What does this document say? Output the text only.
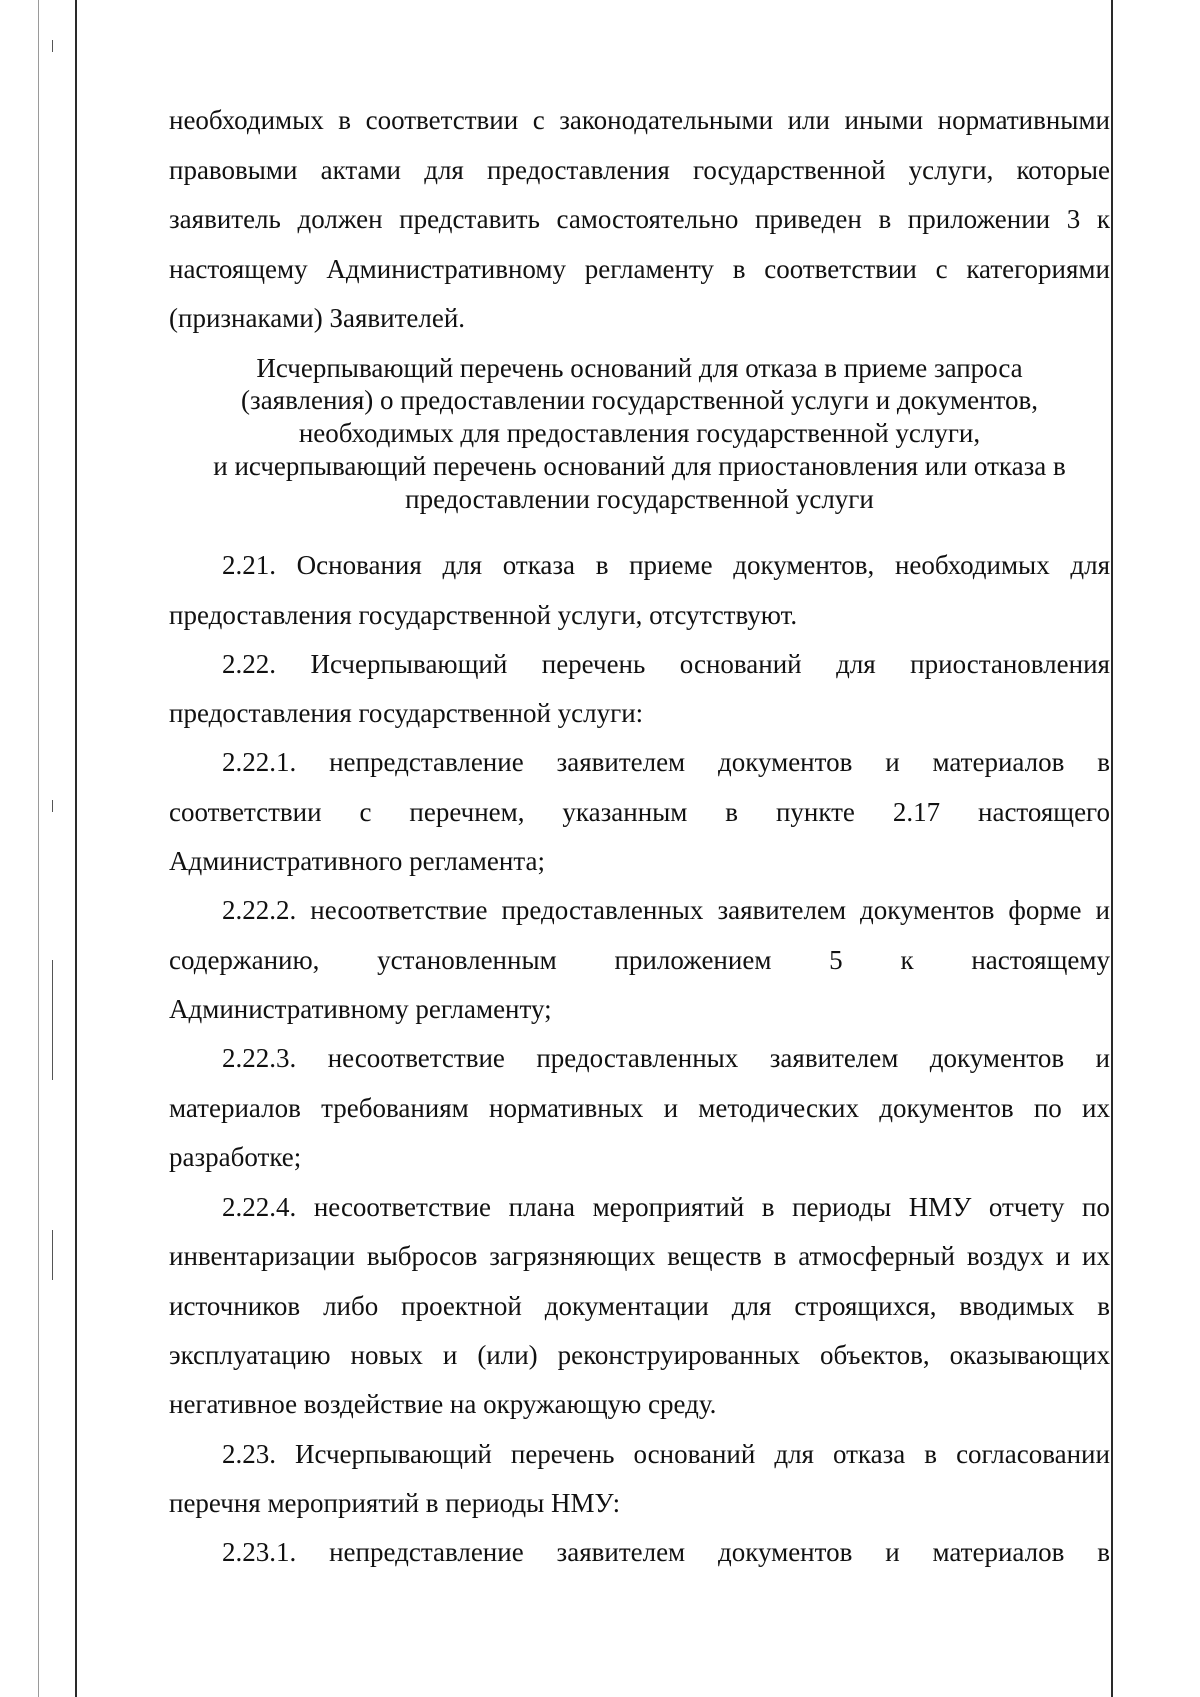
необходимых в соответствии с законодательными или иными нормативными
правовыми актами для предоставления государственной услуги, которые
заявитель должен представить самостоятельно приведен в приложении 3 к
настоящему Административному регламенту в соответствии с категориями
(признаками) Заявителей.
Исчерпывающий перечень оснований для отказа в приеме запроса
(заявления) о предоставлении государственной услуги и документов,
необходимых для предоставления государственной услуги,
и исчерпывающий перечень оснований для приостановления или отказа в
предоставлении государственной услуги
2.21. Основания для отказа в приеме документов, необходимых для
предоставления государственной услуги, отсутствуют.
2.22. Исчерпывающий перечень оснований для приостановления
предоставления государственной услуги:
2.22.1. непредставление заявителем документов и материалов в
соответствии с перечнем, указанным в пункте 2.17 настоящего
Административного регламента;
2.22.2. несоответствие предоставленных заявителем документов форме и
содержанию, установленным приложением 5 к настоящему
Административному регламенту;
2.22.3. несоответствие предоставленных заявителем документов и
материалов требованиям нормативных и методических документов по их
разработке;
2.22.4. несоответствие плана мероприятий в периоды НМУ отчету по
инвентаризации выбросов загрязняющих веществ в атмосферный воздух и их
источников либо проектной документации для строящихся, вводимых в
эксплуатацию новых и (или) реконструированных объектов, оказывающих
негативное воздействие на окружающую среду.
2.23. Исчерпывающий перечень оснований для отказа в согласовании
перечня мероприятий в периоды НМУ:
2.23.1. непредставление заявителем документов и материалов в
